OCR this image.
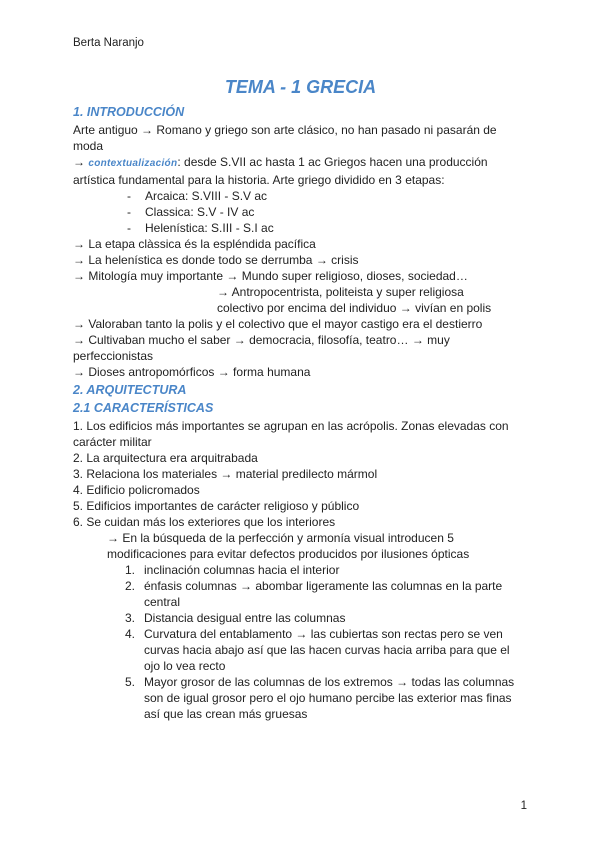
Berta Naranjo
TEMA - 1 GRECIA
1. INTRODUCCIÓN

Arte antiguo → Romano y griego son arte clásico, no han pasado ni pasarán de moda

→ contextualización: desde S.VII ac hasta 1 ac Griegos hacen una producción artística fundamental para la historia. Arte griego dividido en 3 etapas:

- Arcaica: S.VIII - S.V ac
- Classica: S.V - IV ac
- Helenística: S.III - S.I ac

→ La etapa clàssica és la espléndida pacífica

→ La helenística es donde todo se derrumba → crisis

→ Mitología muy importante → Mundo super religioso, dioses, sociedad…

→ Antropocentrista, politeista y super religiosa

colectivo por encima del individuo → vivían en polis

→ Valoraban tanto la polis y el colectivo que el mayor castigo era el destierro

→ Cultivaban mucho el saber → democracia, filosofía, teatro… → muy perfeccionistas

→ Dioses antropomórficos → forma humana

2. ARQUITECTURA
2.1 CARACTERÍSTICAS

1. Los edificios más importantes se agrupan en las acrópolis. Zonas elevadas con carácter militar

2. La arquitectura era arquitrabada

3. Relaciona los materiales → material predilecto mármol

4. Edificio policromados

5. Edificios importantes de carácter religioso y público

6. Se cuidan más los exteriores que los interiores

→ En la búsqueda de la perfección y armonía visual introducen 5 modificaciones para evitar defectos producidos por ilusiones ópticas

1. inclinación columnas hacia el interior
2. énfasis columnas → abombar ligeramente las columnas en la parte central
3. Distancia desigual entre las columnas
4. Curvatura del entablamento → las cubiertas son rectas pero se ven curvas hacia abajo así que las hacen curvas hacia arriba para que el ojo lo vea recto
5. Mayor grosor de las columnas de los extremos → todas las columnas son de igual grosor pero el ojo humano percibe las exterior mas finas así que las crean más gruesas
1
